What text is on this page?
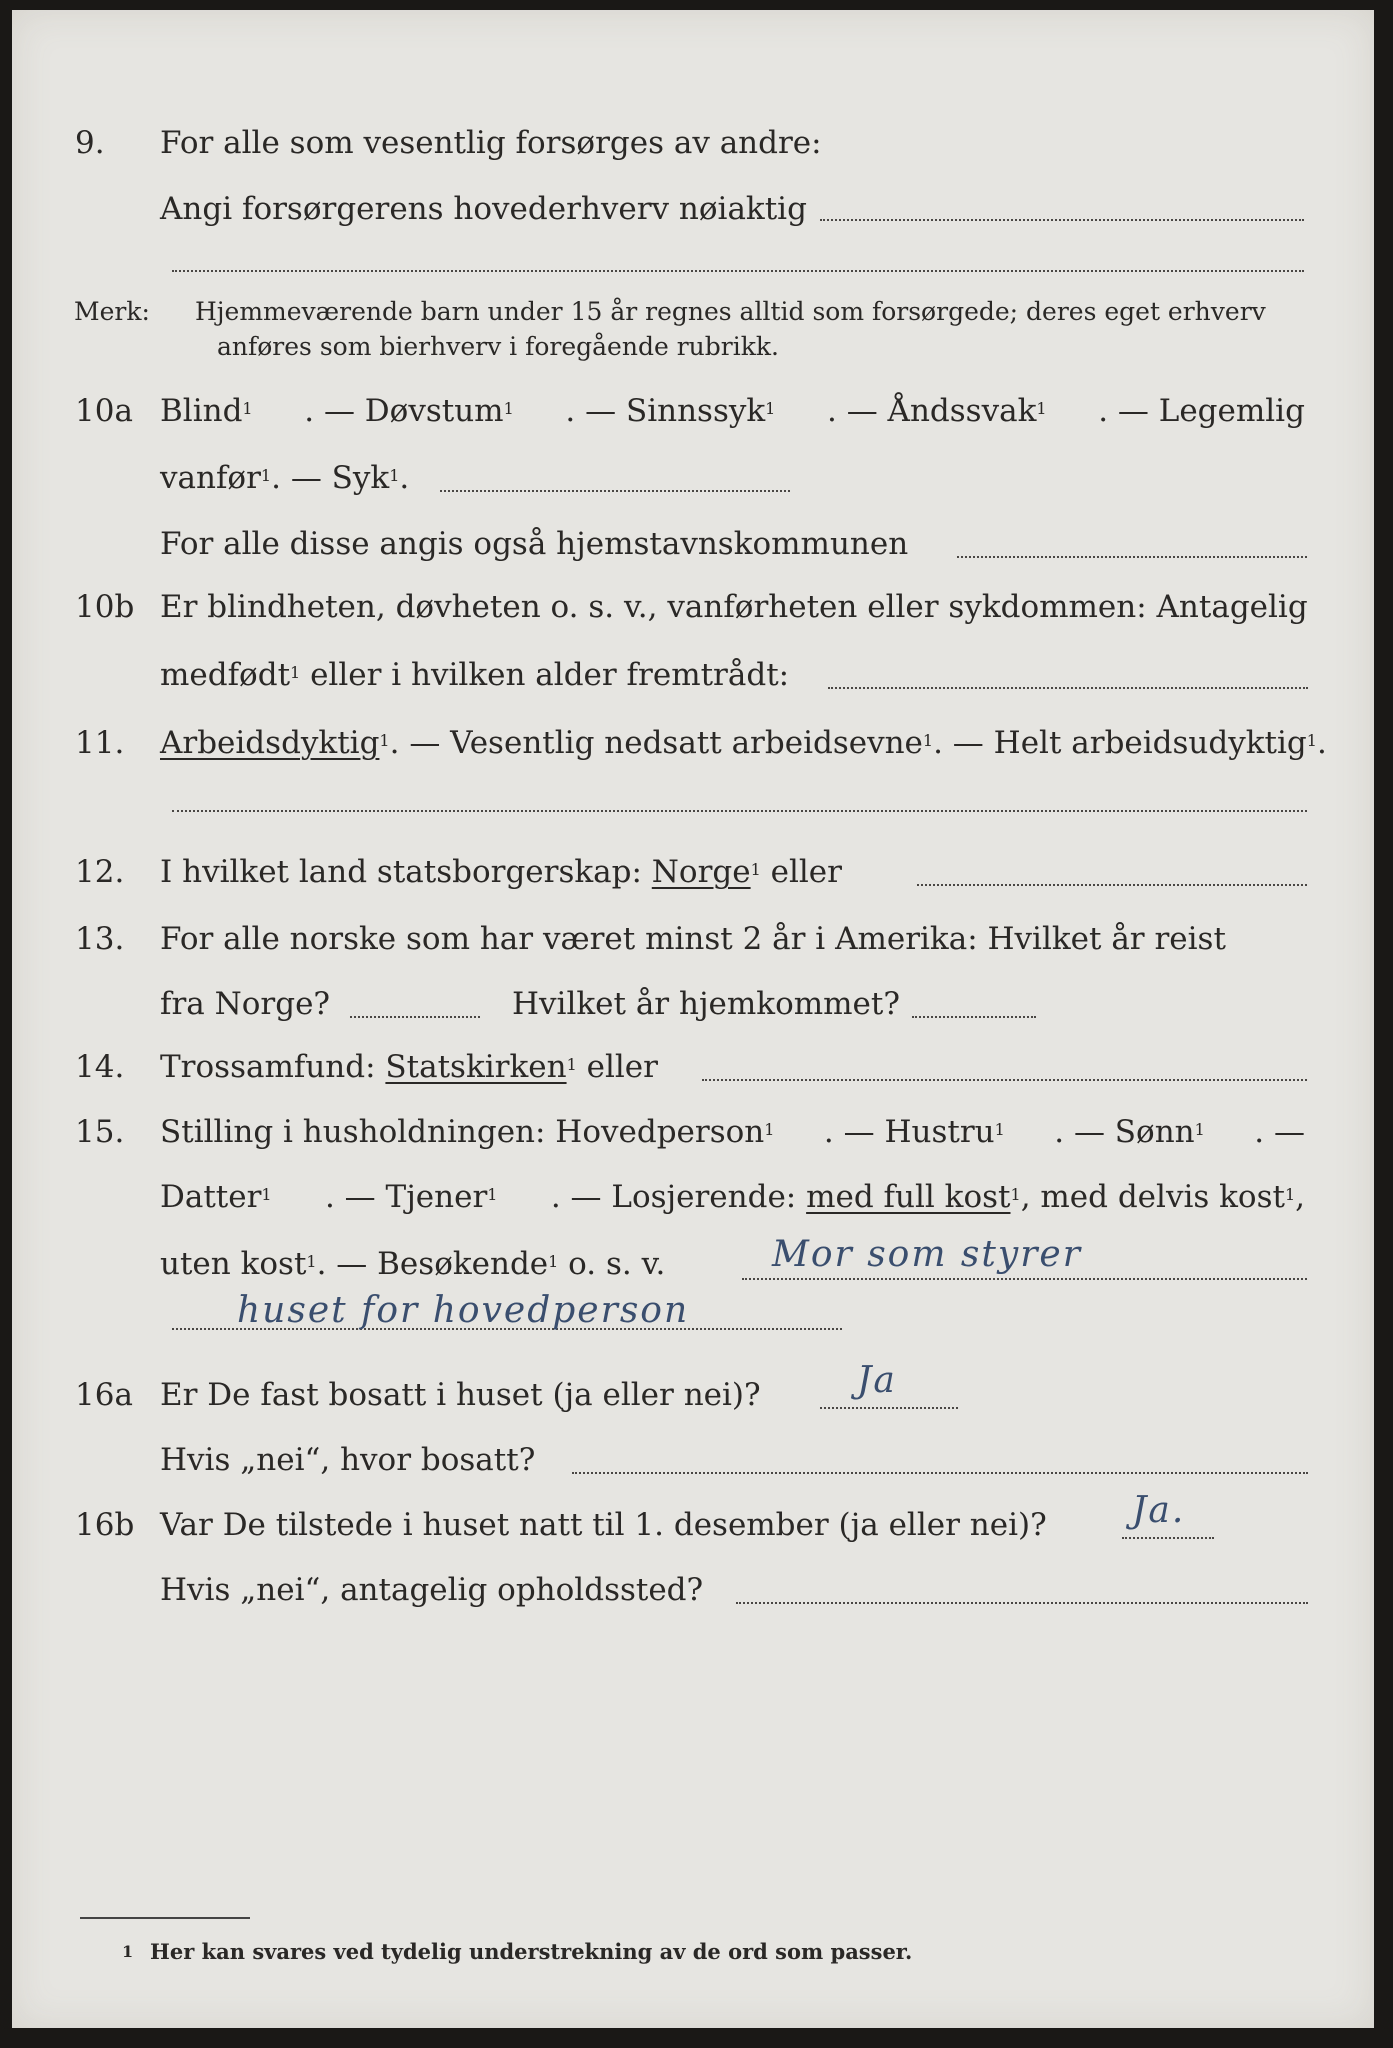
9. For alle som vesentlig forsørges av andre:
Angi forsørgerens hovederhverv nøiaktig
Merk: Hjemmeværende barn under 15 år regnes alltid som forsørgede; deres eget erhverv
anføres som bierhverv i foregående rubrikk.
10a Blind$^1$ . — Døvstum$^1$ . — Sinnssyk$^1$ . — Åndssvak$^1$ . — Legemlig
vanfør$^1$. — Syk$^1$.
For alle disse angis også hjemstavnskommunen
10b Er blindheten, døvheten o. s. v., vanførheten eller sykdommen: Antagelig
medfødt$^1$ eller i hvilken alder fremtrådt:
11. Arbeidsdyktig$^1$. — Vesentlig nedsatt arbeidsevne$^1$. — Helt arbeidsudyktig$^1$.
12. I hvilket land statsborgerskap: Norge$^1$ eller
13. For alle norske som har været minst 2 år i Amerika: Hvilket år reist
fra Norge?	Hvilket år hjemkommet?
14. Trossamfund: Statskirken$^1$ eller
15. Stilling i husholdningen: Hovedperson$^1$ . — Hustru$^1$ . — Sønn$^1$ . —
Datter$^1$ . — Tjener$^1$ . — Losjerende: med full kost$^1$, med delvis kost$^1$,
uten kost$^1$. — Besøkende$^1$ o. s. v.	Mor som styrer
huset for hovedperson
16a Er De fast bosatt i huset (ja eller nei)?	Ja
Hvis „nei“, hvor bosatt?
16b Var De tilstede i huset natt til 1. desember (ja eller nei)? Ja.
Hvis „nei“, antagelig opholdssted?
1 Her kan svares ved tydelig understrekning av de ord som passer.
